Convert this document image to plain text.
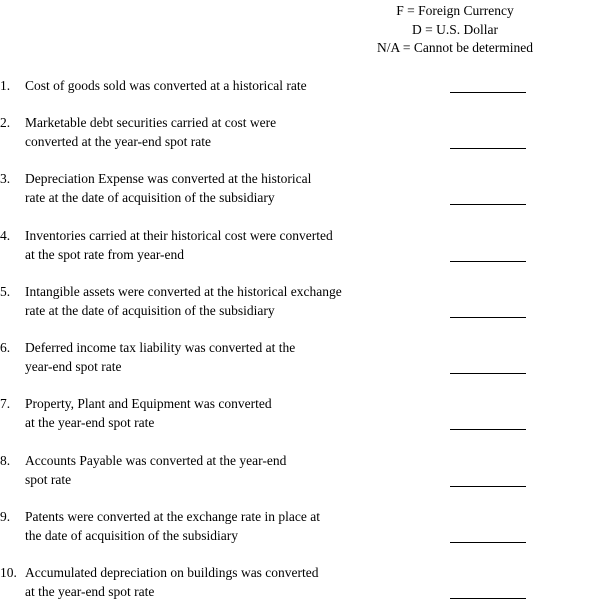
F = Foreign Currency
D = U.S. Dollar
N/A = Cannot be determined
1. Cost of goods sold was converted at a historical rate
2. Marketable debt securities carried at cost were
converted at the year-end spot rate
3. Depreciation Expense was converted at the historical
rate at the date of acquisition of the subsidiary
4. Inventories carried at their historical cost were converted
at the spot rate from year-end
5. Intangible assets were converted at the historical exchange
rate at the date of acquisition of the subsidiary
6. Deferred income tax liability was converted at the
year-end spot rate
7. Property, Plant and Equipment was converted
at the year-end spot rate
8. Accounts Payable was converted at the year-end
spot rate
9. Patents were converted at the exchange rate in place at
the date of acquisition of the subsidiary
10. Accumulated depreciation on buildings was converted
at the year-end spot rate
